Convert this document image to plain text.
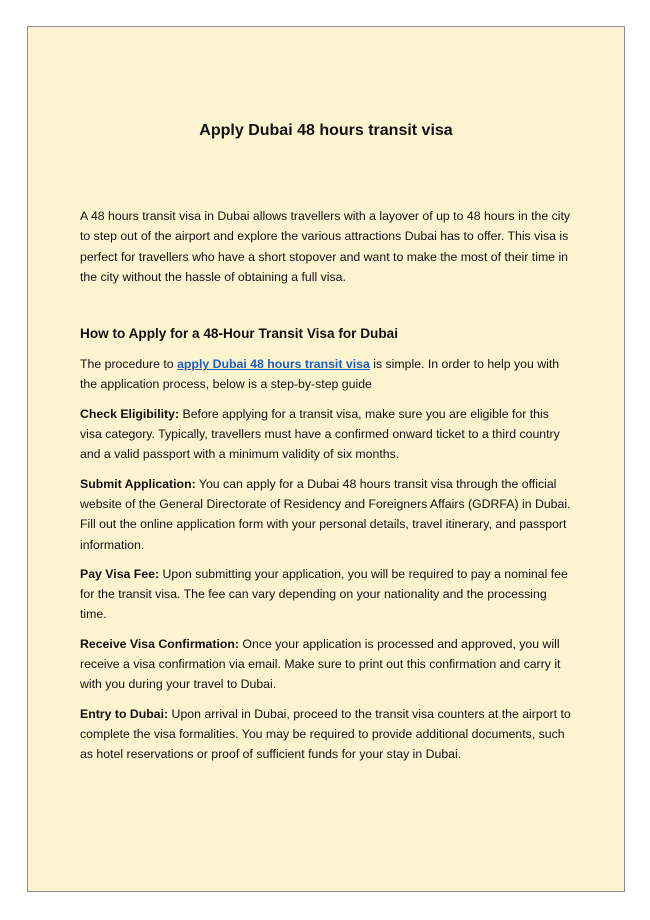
Apply Dubai 48 hours transit visa

A 48 hours transit visa in Dubai allows travellers with a layover of up to 48 hours in the city to step out of the airport and explore the various attractions Dubai has to offer. This visa is perfect for travellers who have a short stopover and want to make the most of their time in the city without the hassle of obtaining a full visa.

How to Apply for a 48-Hour Transit Visa for Dubai

The procedure to apply Dubai 48 hours transit visa is simple. In order to help you with the application process, below is a step-by-step guide

Check Eligibility: Before applying for a transit visa, make sure you are eligible for this visa category. Typically, travellers must have a confirmed onward ticket to a third country and a valid passport with a minimum validity of six months.

Submit Application: You can apply for a Dubai 48 hours transit visa through the official website of the General Directorate of Residency and Foreigners Affairs (GDRFA) in Dubai. Fill out the online application form with your personal details, travel itinerary, and passport information.

Pay Visa Fee: Upon submitting your application, you will be required to pay a nominal fee for the transit visa. The fee can vary depending on your nationality and the processing time.

Receive Visa Confirmation: Once your application is processed and approved, you will receive a visa confirmation via email. Make sure to print out this confirmation and carry it with you during your travel to Dubai.

Entry to Dubai: Upon arrival in Dubai, proceed to the transit visa counters at the airport to complete the visa formalities. You may be required to provide additional documents, such as hotel reservations or proof of sufficient funds for your stay in Dubai.
